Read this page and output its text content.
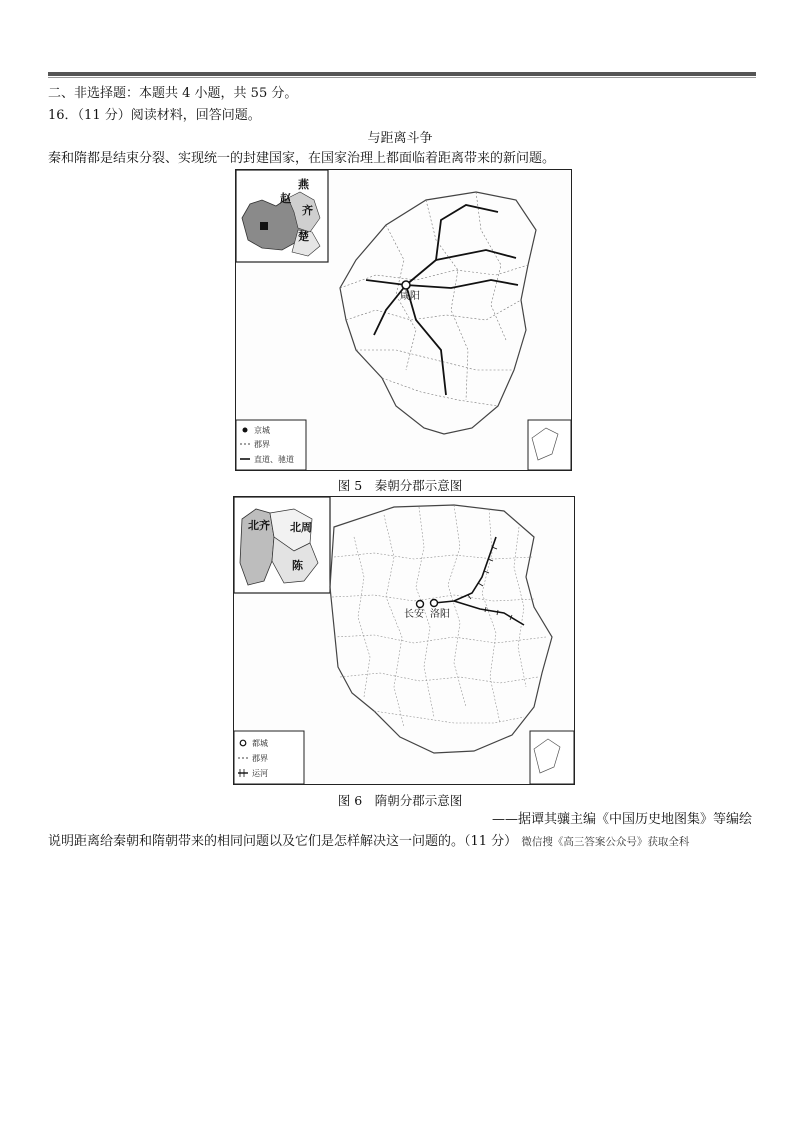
二、非选择题：本题共 4 小题，共 55 分。
16．（11 分）阅读材料，回答问题。
与距离斗争
秦和隋都是结束分裂、实现统一的封建国家，在国家治理上都面临着距离带来的新问题。
燕
赵
齐
楚
咸阳
京城
郡界
直道、驰道
图 5　秦朝分郡示意图
北齐 北周
陈
长安 洛阳
都城
郡界
运河
图 6　隋朝分郡示意图
——据谭其骧主编《中国历史地图集》等编绘
说明距离给秦朝和隋朝带来的相同问题以及它们是怎样解决这一问题的。（11 分） 微信搜《高三答案公众号》获取全科
